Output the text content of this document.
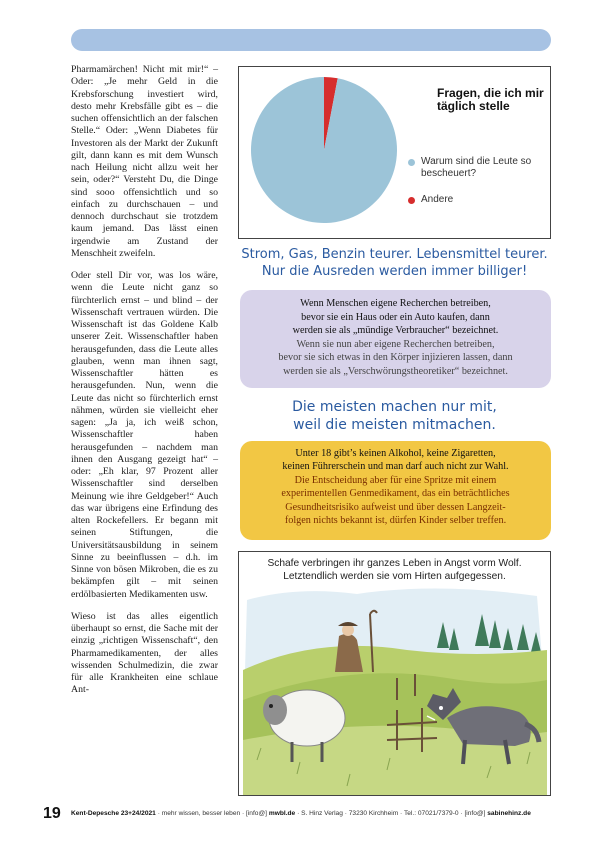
Pharmamärchen! Nicht mit mir!“ – Oder: „Je mehr Geld in die Krebsforschung investiert wird, desto mehr Krebsfälle gibt es – die suchen offensichtlich an der falschen Stelle.“ Oder: „Wenn Diabetes für Investoren als der Markt der Zukunft gilt, dann kann es mit dem Wunsch nach Heilung nicht allzu weit her sein, oder?“ Versteht Du, die Dinge sind sooo offensichtlich und so einfach zu durchschauen – und dennoch durchschaut sie trotzdem kaum jemand. Das lässt einen irgendwie am Zustand der Menschheit zweifeln.

Oder stell Dir vor, was los wäre, wenn die Leute nicht ganz so fürchterlich ernst – und blind – der Wissenschaft vertrauen würden. Die Wissenschaft ist das Goldene Kalb unserer Zeit. Wissenschaftler haben herausgefunden, dass die Leute alles glauben, wenn man ihnen sagt, Wissenschaftler hätten es herausgefunden. Nun, wenn die Leute das nicht so fürchterlich ernst nähmen, würden sie vielleicht eher sagen: „Ja ja, ich weiß schon, Wissenschaftler haben herausgefunden – nachdem man ihnen den Ausgang gezeigt hat“ – oder: „Eh klar, 97 Prozent aller Wissenschaftler sind derselben Meinung wie ihre Geldgeber!“ Auch das war übrigens eine Erfindung des alten Rockefellers. Er begann mit seinen Stiftungen, die Universitätsausbildung in seinem Sinne zu beeinflussen – d.h. im Sinne von bösen Mikroben, die es zu bekämpfen gilt – mit seinen erdölbasierten Medikamenten usw.

Wieso ist das alles eigentlich überhaupt so ernst, die Sache mit der einzig „richtigen Wissenschaft“, den Pharmamedikamenten, der alles wissenden Schulmedizin, die zwar für alle Krankheiten eine schlaue Ant-

Fragen, die ich mir täglich stelle
Warum sind die Leute so bescheuert?
Andere
Strom, Gas, Benzin teurer. Lebensmittel teurer.
Nur die Ausreden werden immer billiger!
Wenn Menschen eigene Recherchen betreiben,
bevor sie ein Haus oder ein Auto kaufen, dann
werden sie als „mündige Verbraucher“ bezeichnet.
Wenn sie nun aber eigene Recherchen betreiben,
bevor sie sich etwas in den Körper injizieren lassen, dann
werden sie als „Verschwörungstheoretiker“ bezeichnet.
Die meisten machen nur mit,
weil die meisten mitmachen.
Unter 18 gibt’s keinen Alkohol, keine Zigaretten,
keinen Führerschein und man darf auch nicht zur Wahl.
Die Entscheidung aber für eine Spritze mit einem
experimentellen Genmedikament, das ein beträchtliches
Gesundheitsrisiko aufweist und über dessen Langzeit-
folgen nichts bekannt ist, dürfen Kinder selber treffen.
Schafe verbringen ihr ganzes Leben in Angst vorm Wolf.
Letztendlich werden sie vom Hirten aufgegessen.
19 Kent-Depesche 23+24/2021 · mehr wissen, besser leben · [info@] mwbl.de · S. Hinz Verlag · 73230 Kirchheim · Tel.: 07021/7379-0 · [info@] sabinehinz.de
